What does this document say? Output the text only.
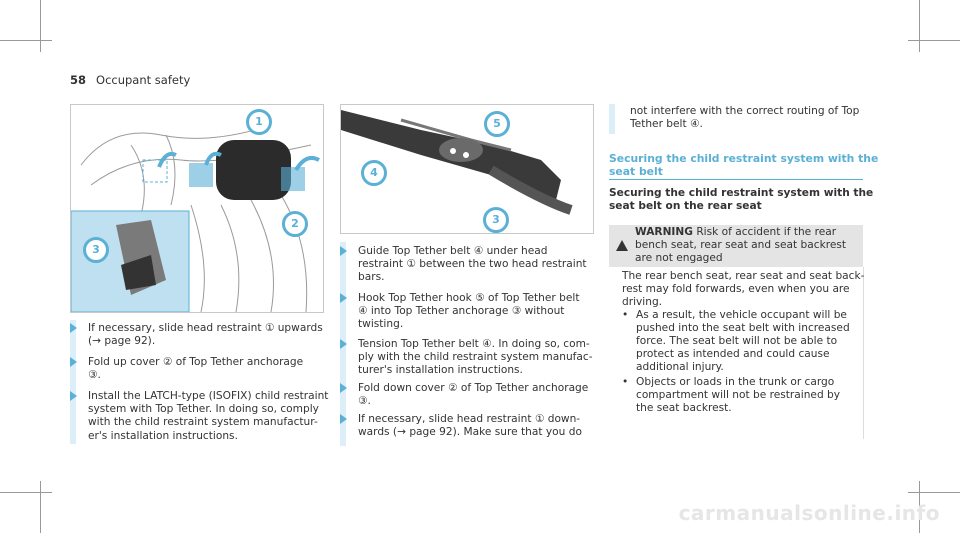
58 Occupant safety
1
2
3
5
4
3
If necessary, slide head restraint ① upwards
(→ page 92).
Fold up cover ② of Top Tether anchorage
③.
Install the LATCH-type (ISOFIX) child restraint
system with Top Tether. In doing so, comply
with the child restraint system manufactur-
er's installation instructions.
Guide Top Tether belt ④ under head
restraint ① between the two head restraint
bars.
Hook Top Tether hook ⑤ of Top Tether belt
④ into Top Tether anchorage ③ without
twisting.
Tension Top Tether belt ④. In doing so, com-
ply with the child restraint system manufac-
turer's installation instructions.
Fold down cover ② of Top Tether anchorage
③.
If necessary, slide head restraint ① down-
wards (→ page 92). Make sure that you do
not interfere with the correct routing of Top
Tether belt ④.
Securing the child restraint system with the
seat belt
Securing the child restraint system with the
seat belt on the rear seat
WARNING Risk of accident if the rear
bench seat, rear seat and seat backrest
are not engaged
The rear bench seat, rear seat and seat back-
rest may fold forwards, even when you are
driving.
• As a result, the vehicle occupant will be
pushed into the seat belt with increased
force. The seat belt will not be able to
protect as intended and could cause
additional injury.
• Objects or loads in the trunk or cargo
compartment will not be restrained by
the seat backrest.
carmanualsonline.info
